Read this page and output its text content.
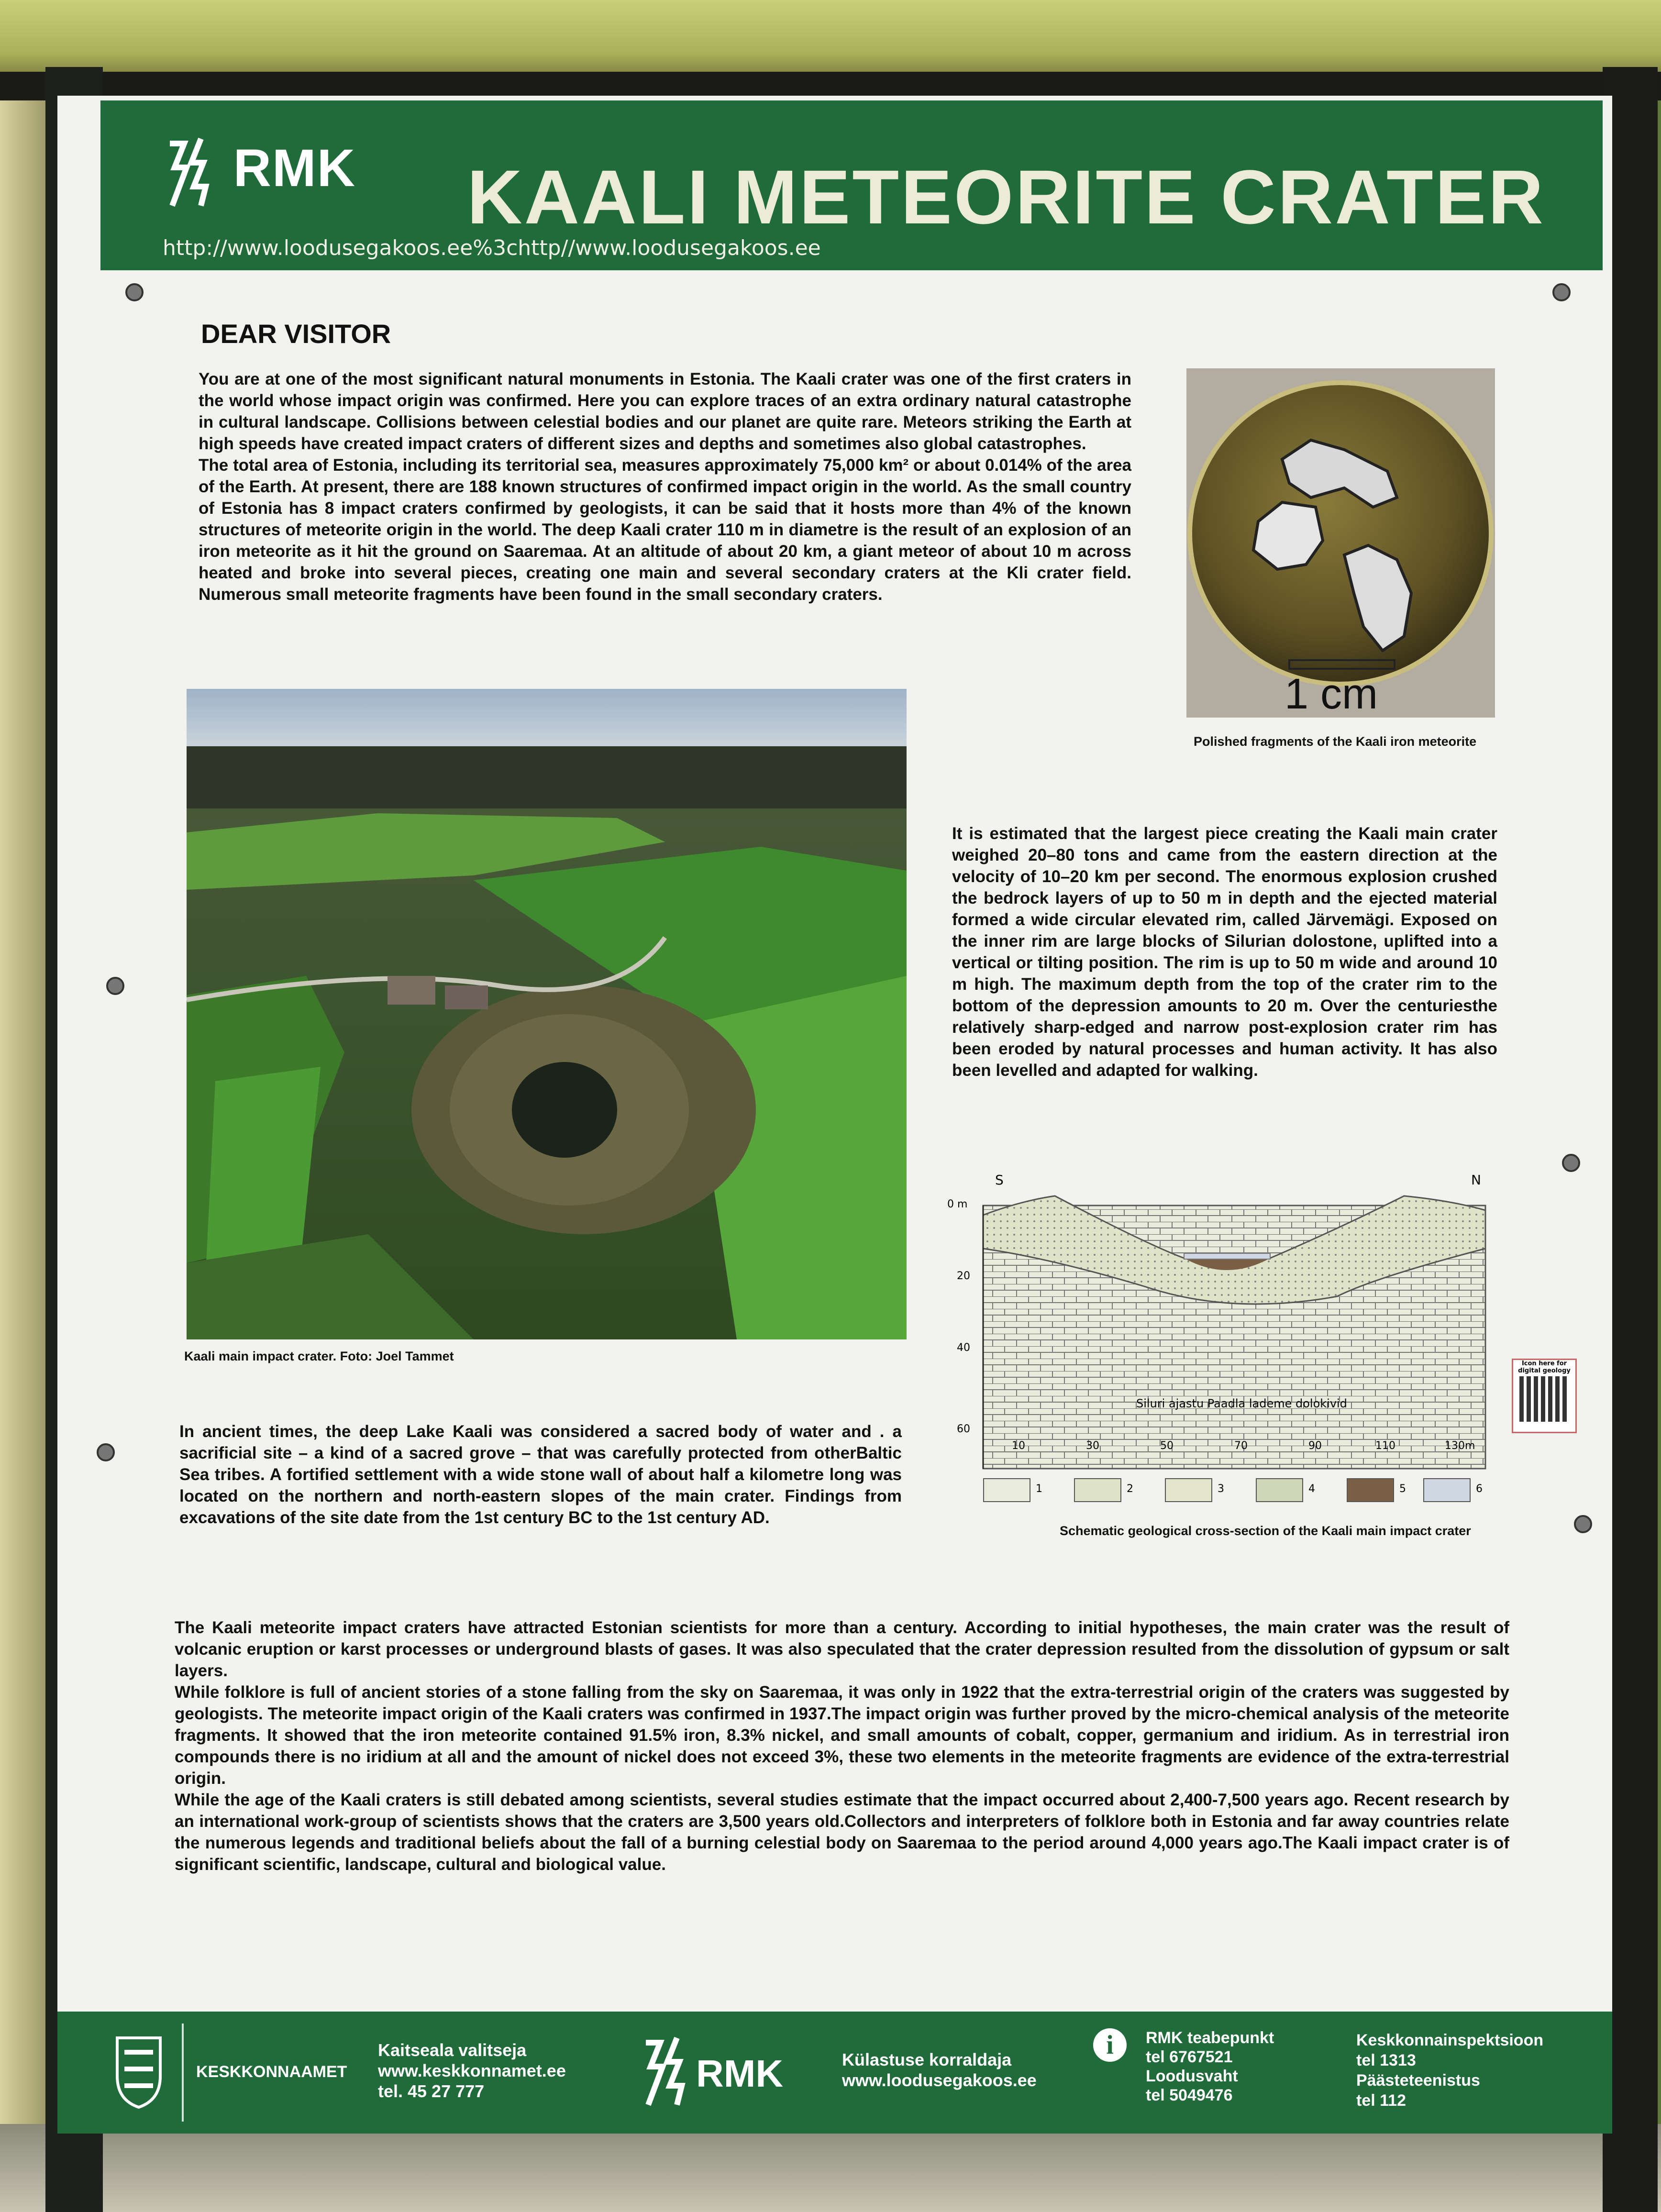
RMK KAALI METEORITE CRATER
http://www.loodusegakoos.ee%3chttp//www.loodusegakoos.ee
DEAR VISITOR
You are at one of the most significant natural monuments in Estonia. The Kaali crater was one of the first craters in the world whose impact origin was confirmed. Here you can explore traces of an extra ordinary natural catastrophe in cultural landscape. Collisions between celestial bodies and our planet are quite rare. Meteors striking the Earth at high speeds have created impact craters of different sizes and depths and sometimes also global catastrophes.
The total area of Estonia, including its territorial sea, measures approximately 75,000 km² or about 0.014% of the area of the Earth. At present, there are 188 known structures of confirmed impact origin in the world. As the small country of Estonia has 8 impact craters confirmed by geologists, it can be said that it hosts more than 4% of the known structures of meteorite origin in the world. The deep Kaali crater 110 m in diametre is the result of an explosion of an iron meteorite as it hit the ground on Saaremaa. At an altitude of about 20 km, a giant meteor of about 10 m across heated and broke into several pieces, creating one main and several secondary craters at the Kli crater field. Numerous small meteorite fragments have been found in the small secondary craters.
1 cm
Polished fragments of the Kaali iron meteorite
Kaali main impact crater. Foto: Joel Tammet
It is estimated that the largest piece creating the Kaali main crater weighed 20–80 tons and came from the eastern direction at the velocity of 10–20 km per second. The enormous explosion crushed the bedrock layers of up to 50 m in depth and the ejected material formed a wide circular elevated rim, called Järvemägi. Exposed on the inner rim are large blocks of Silurian dolostone, uplifted into a vertical or tilting position. The rim is up to 50 m wide and around 10 m high. The maximum depth from the top of the crater rim to the bottom of the depression amounts to 20 m. Over the centuriesthe relatively sharp-edged and narrow post-explosion crater rim has been eroded by natural processes and human activity. It has also been levelled and adapted for walking.
S	N
0 m
20
40
60
Siluri ajastu Paadla lademe dolokivid
10	30	50	70	90	110	130m
1	2	3	4	5	6
Icon here for digital geology
Schematic geological cross-section of the Kaali main impact crater
In ancient times, the deep Lake Kaali was considered a sacred body of water and . a sacrificial site – a kind of a sacred grove – that was carefully protected from otherBaltic Sea tribes. A fortified settlement with a wide stone wall of about half a kilometre long was located on the northern and north-eastern slopes of the main crater. Findings from excavations of the site date from the 1st century BC to the 1st century AD.
The Kaali meteorite impact craters have attracted Estonian scientists for more than a century. According to initial hypotheses, the main crater was the result of volcanic eruption or karst processes or underground blasts of gases. It was also speculated that the crater depression resulted from the dissolution of gypsum or salt layers.
While folklore is full of ancient stories of a stone falling from the sky on Saaremaa, it was only in 1922 that the extra-terrestrial origin of the craters was suggested by geologists. The meteorite impact origin of the Kaali craters was confirmed in 1937.The impact origin was further proved by the micro-chemical analysis of the meteorite fragments. It showed that the iron meteorite contained 91.5% iron, 8.3% nickel, and small amounts of cobalt, copper, germanium and iridium. As in terrestrial iron compounds there is no iridium at all and the amount of nickel does not exceed 3%, these two elements in the meteorite fragments are evidence of the extra-terrestrial origin.
While the age of the Kaali craters is still debated among scientists, several studies estimate that the impact occurred about 2,400-7,500 years ago. Recent research by an international work-group of scientists shows that the craters are 3,500 years old.Collectors and interpreters of folklore both in Estonia and far away countries relate the numerous legends and traditional beliefs about the fall of a burning celestial body on Saaremaa to the period around 4,000 years ago.The Kaali impact crater is of significant scientific, landscape, cultural and biological value.
KESKKONNAAMET
Kaitseala valitseja
www.keskkonnamet.ee
tel. 45 27 777	RMK	Külastuse korraldaja
www.loodusegakoos.ee
i	RMK teabepunkt
tel 6767521
Loodusvaht
tel 5049476
Keskkonnainspektsioon
tel 1313
Päästeteenistus
tel 112
